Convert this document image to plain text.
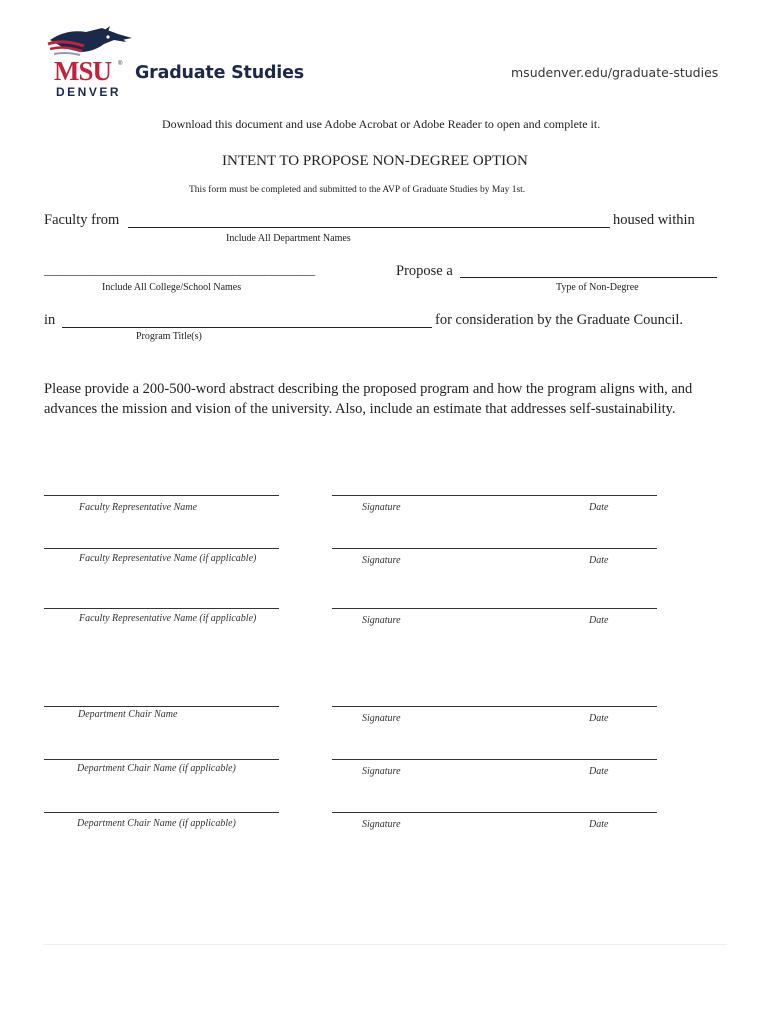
MSU ®
DENVER
Graduate Studies	msudenver.edu/graduate-studies
Download this document and use Adobe Acrobat or Adobe Reader to open and complete it.
INTENT TO PROPOSE NON-DEGREE OPTION
This form must be completed and submitted to the AVP of Graduate Studies by May 1st.
Faculty from	housed within
Include All Department Names
___________________________________________	Propose a
Include All College/School Names	Type of Non-Degree
in	for consideration by the Graduate Council.
Program Title(s)
Please provide a 200-500-word abstract describing the proposed program and how the program aligns with, and advances the mission and vision of the university. Also, include an estimate that addresses self-sustainability.
Faculty Representative Name	Signature	Date
Faculty Representative Name (if applicable)	Signature	Date
Faculty Representative Name (if applicable)	Signature	Date
Department Chair Name	Signature	Date
Department Chair Name (if applicable)	Signature	Date
Department Chair Name (if applicable)	Signature	Date
